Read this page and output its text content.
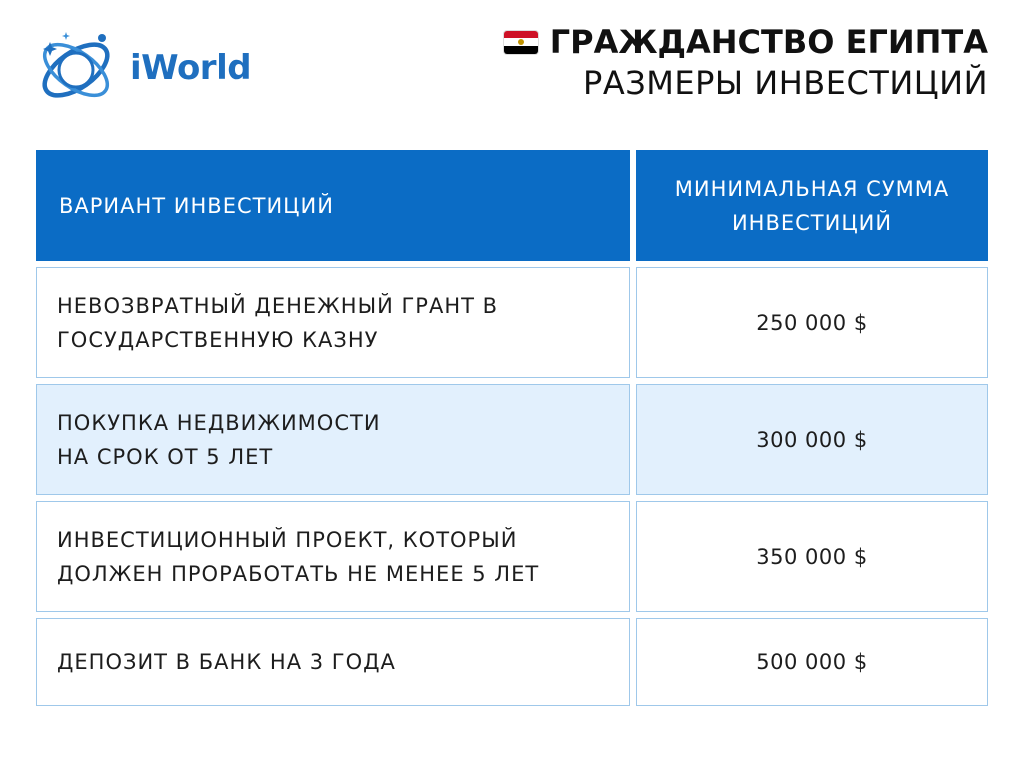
iWorld
ГРАЖДАНСТВО ЕГИПТА
РАЗМЕРЫ ИНВЕСТИЦИЙ
ВАРИАНТ ИНВЕСТИЦИЙ
МИНИМАЛЬНАЯ СУММА
ИНВЕСТИЦИЙ
НЕВОЗВРАТНЫЙ ДЕНЕЖНЫЙ ГРАНТ В
ГОСУДАРСТВЕННУЮ КАЗНУ
250 000 $
ПОКУПКА НЕДВИЖИМОСТИ
НА СРОК ОТ 5 ЛЕТ
300 000 $
ИНВЕСТИЦИОННЫЙ ПРОЕКТ, КОТОРЫЙ
ДОЛЖЕН ПРОРАБОТАТЬ НЕ МЕНЕЕ 5 ЛЕТ
350 000 $
ДЕПОЗИТ В БАНК НА 3 ГОДА	500 000 $
